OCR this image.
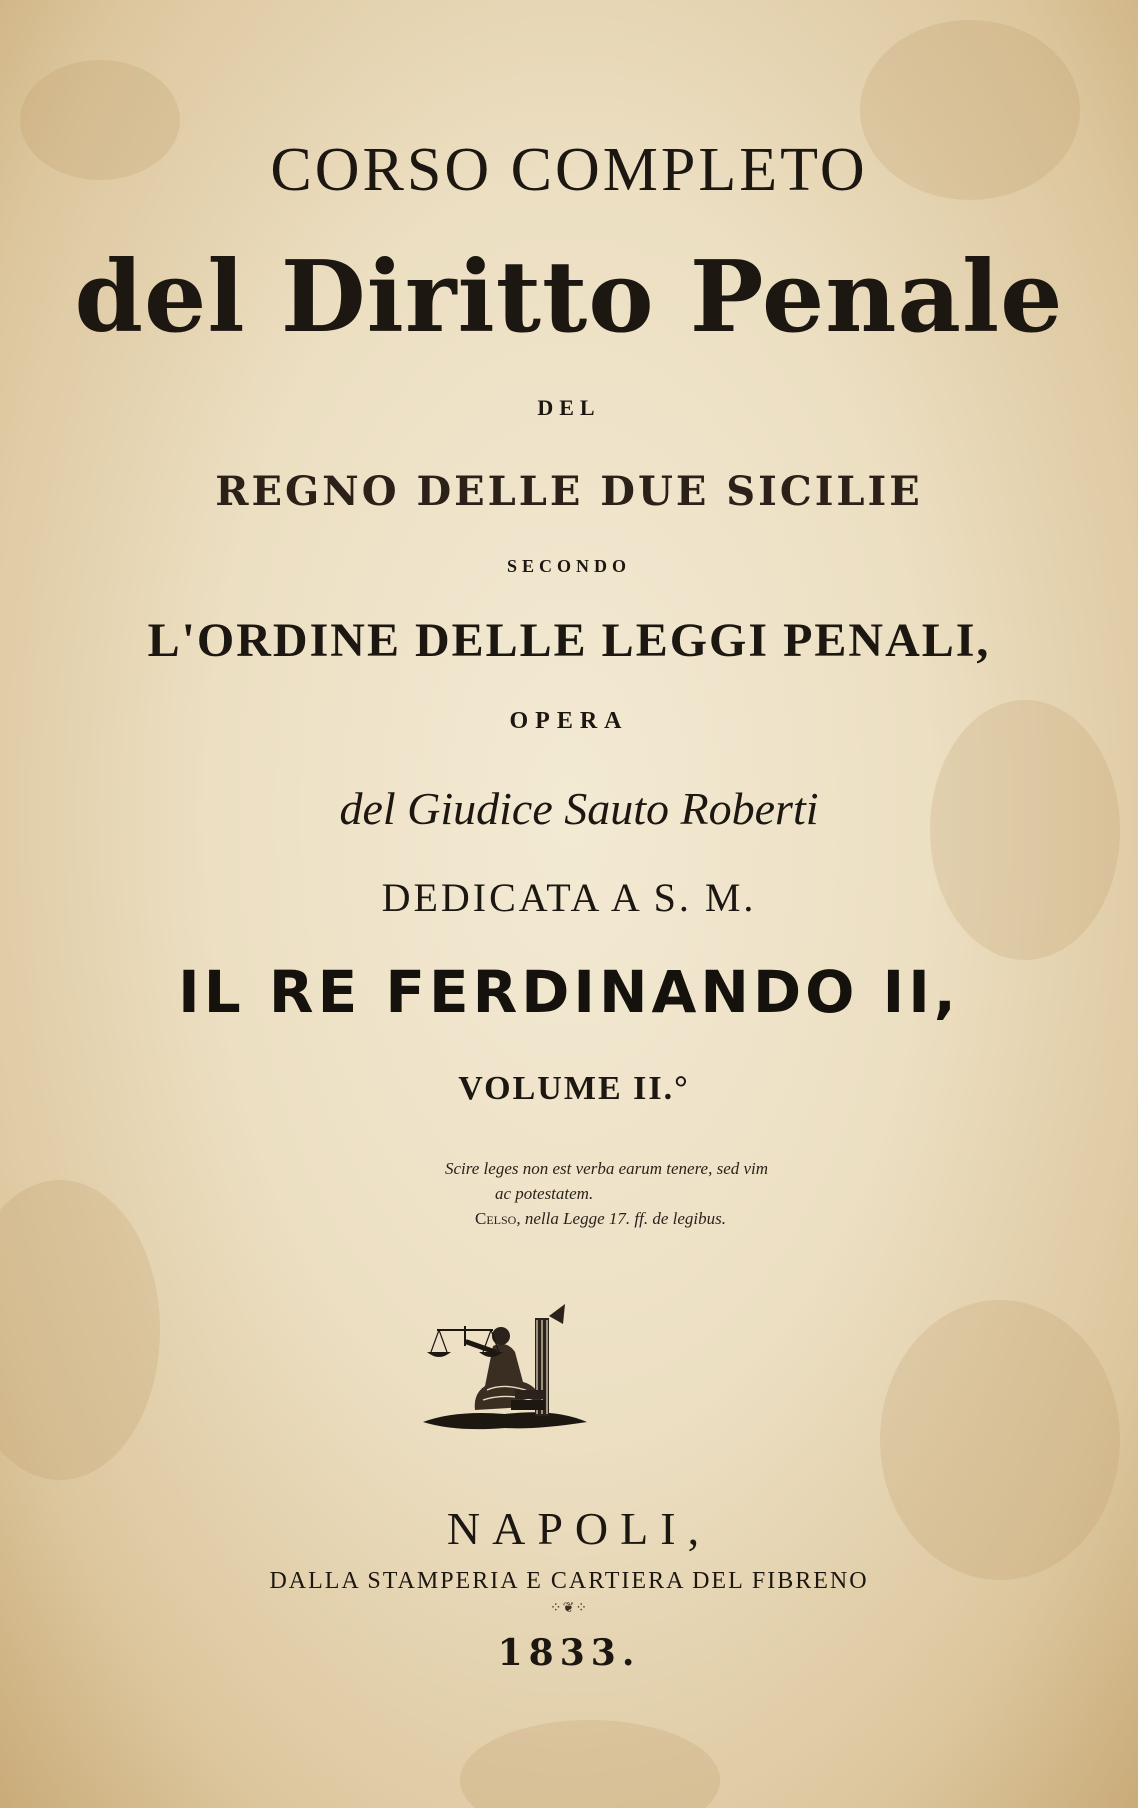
CORSO COMPLETO
del Diritto Penale

DEL

REGNO DELLE DUE SICILIE

SECONDO

L'ORDINE DELLE LEGGI PENALI,

OPERA

del Giudice Sauto Roberti

DEDICATA A S. M.

IL RE FERDINANDO II,

VOLUME II.°

Scire leges non est verba earum tenere, sed vim
ac potestatem.
Celso, nella Legge 17. ff. de legibus.

NAPOLI,

DALLA STAMPERIA E CARTIERA DEL FIBRENO

⁘❦⁘

1833.
